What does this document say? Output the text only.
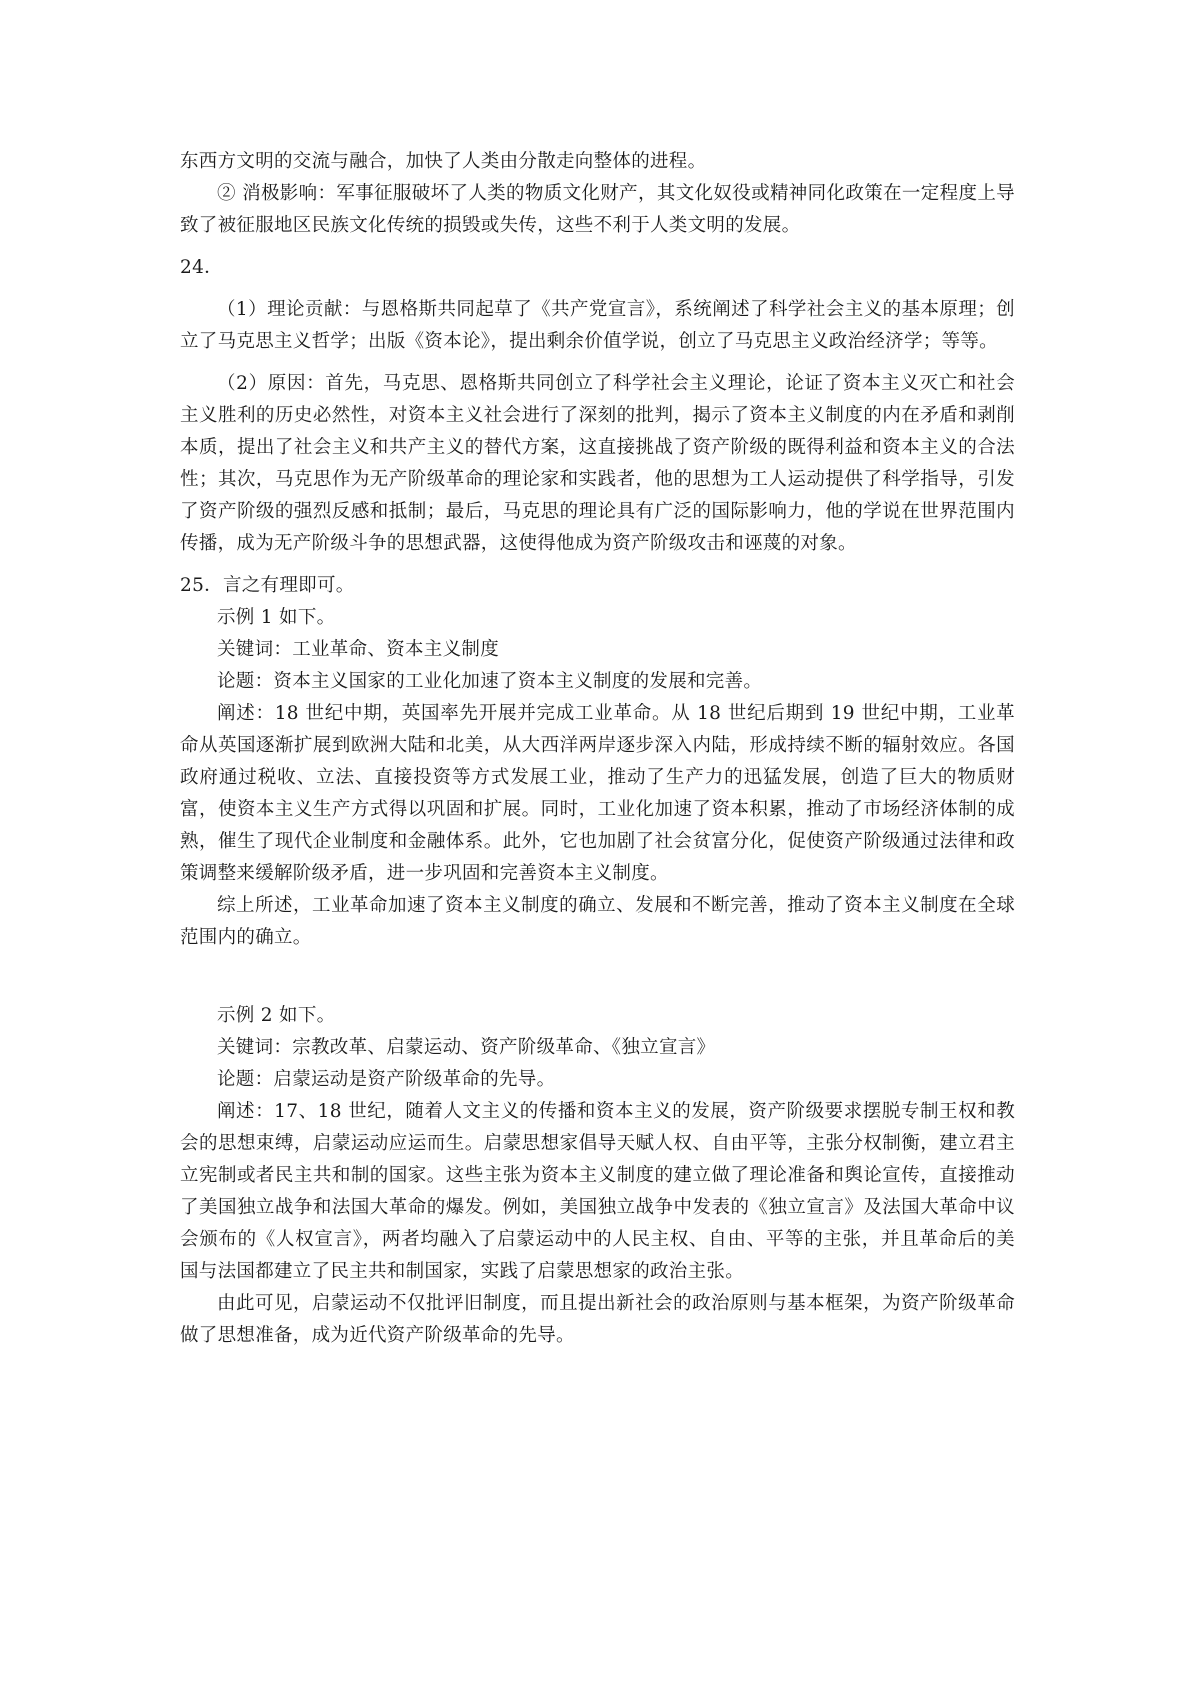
东西方文明的交流与融合，加快了人类由分散走向整体的进程。

② 消极影响：军事征服破坏了人类的物质文化财产，其文化奴役或精神同化政策在一定程度上导致了被征服地区民族文化传统的损毁或失传，这些不利于人类文明的发展。

24．

（1）理论贡献：与恩格斯共同起草了《共产党宣言》，系统阐述了科学社会主义的基本原理；创立了马克思主义哲学；出版《资本论》，提出剩余价值学说，创立了马克思主义政治经济学；等等。

（2）原因：首先，马克思、恩格斯共同创立了科学社会主义理论，论证了资本主义灭亡和社会主义胜利的历史必然性，对资本主义社会进行了深刻的批判，揭示了资本主义制度的内在矛盾和剥削本质，提出了社会主义和共产主义的替代方案，这直接挑战了资产阶级的既得利益和资本主义的合法性；其次，马克思作为无产阶级革命的理论家和实践者，他的思想为工人运动提供了科学指导，引发了资产阶级的强烈反感和抵制；最后，马克思的理论具有广泛的国际影响力，他的学说在世界范围内传播，成为无产阶级斗争的思想武器，这使得他成为资产阶级攻击和诬蔑的对象。

25．言之有理即可。

示例 1 如下。

关键词：工业革命、资本主义制度

论题：资本主义国家的工业化加速了资本主义制度的发展和完善。

阐述：18 世纪中期，英国率先开展并完成工业革命。从 18 世纪后期到 19 世纪中期，工业革命从英国逐渐扩展到欧洲大陆和北美，从大西洋两岸逐步深入内陆，形成持续不断的辐射效应。各国政府通过税收、立法、直接投资等方式发展工业，推动了生产力的迅猛发展，创造了巨大的物质财富，使资本主义生产方式得以巩固和扩展。同时，工业化加速了资本积累，推动了市场经济体制的成熟，催生了现代企业制度和金融体系。此外，它也加剧了社会贫富分化，促使资产阶级通过法律和政策调整来缓解阶级矛盾，进一步巩固和完善资本主义制度。

综上所述，工业革命加速了资本主义制度的确立、发展和不断完善，推动了资本主义制度在全球范围内的确立。

示例 2 如下。

关键词：宗教改革、启蒙运动、资产阶级革命、《独立宣言》

论题：启蒙运动是资产阶级革命的先导。

阐述：17、18 世纪，随着人文主义的传播和资本主义的发展，资产阶级要求摆脱专制王权和教会的思想束缚，启蒙运动应运而生。启蒙思想家倡导天赋人权、自由平等，主张分权制衡，建立君主立宪制或者民主共和制的国家。这些主张为资本主义制度的建立做了理论准备和舆论宣传，直接推动了美国独立战争和法国大革命的爆发。例如，美国独立战争中发表的《独立宣言》及法国大革命中议会颁布的《人权宣言》，两者均融入了启蒙运动中的人民主权、自由、平等的主张，并且革命后的美国与法国都建立了民主共和制国家，实践了启蒙思想家的政治主张。

由此可见，启蒙运动不仅批评旧制度，而且提出新社会的政治原则与基本框架，为资产阶级革命做了思想准备，成为近代资产阶级革命的先导。
